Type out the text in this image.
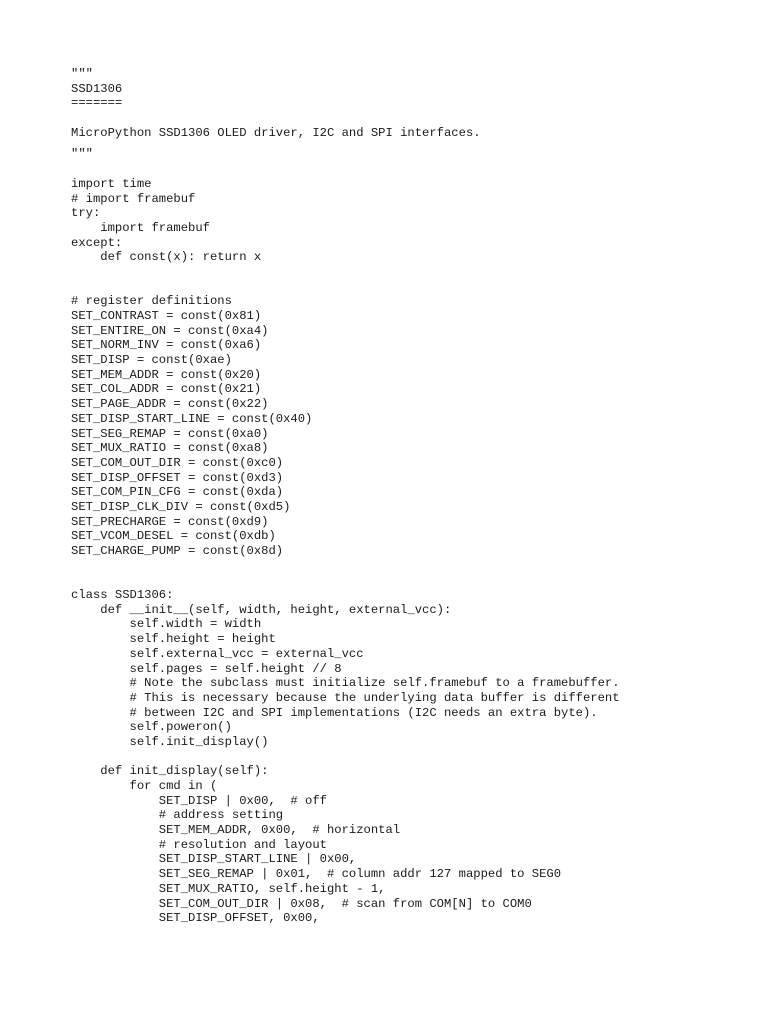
"""
SSD1306
=======
MicroPython SSD1306 OLED driver, I2C and SPI interfaces.
"""
import time
# import framebuf
try:
import framebuf
except:
def const(x): return x
# register definitions
SET_CONTRAST = const(0x81)
SET_ENTIRE_ON = const(0xa4)
SET_NORM_INV = const(0xa6)
SET_DISP = const(0xae)
SET_MEM_ADDR = const(0x20)
SET_COL_ADDR = const(0x21)
SET_PAGE_ADDR = const(0x22)
SET_DISP_START_LINE = const(0x40)
SET_SEG_REMAP = const(0xa0)
SET_MUX_RATIO = const(0xa8)
SET_COM_OUT_DIR = const(0xc0)
SET_DISP_OFFSET = const(0xd3)
SET_COM_PIN_CFG = const(0xda)
SET_DISP_CLK_DIV = const(0xd5)
SET_PRECHARGE = const(0xd9)
SET_VCOM_DESEL = const(0xdb)
SET_CHARGE_PUMP = const(0x8d)
class SSD1306:
def __init__(self, width, height, external_vcc):
self.width = width
self.height = height
self.external_vcc = external_vcc
self.pages = self.height // 8
# Note the subclass must initialize self.framebuf to a framebuffer.
# This is necessary because the underlying data buffer is different
# between I2C and SPI implementations (I2C needs an extra byte).
self.poweron()
self.init_display()
def init_display(self):
for cmd in (
SET_DISP | 0x00,  # off
# address setting
SET_MEM_ADDR, 0x00,  # horizontal
# resolution and layout
SET_DISP_START_LINE | 0x00,
SET_SEG_REMAP | 0x01,  # column addr 127 mapped to SEG0
SET_MUX_RATIO, self.height - 1,
SET_COM_OUT_DIR | 0x08,  # scan from COM[N] to COM0
SET_DISP_OFFSET, 0x00,
